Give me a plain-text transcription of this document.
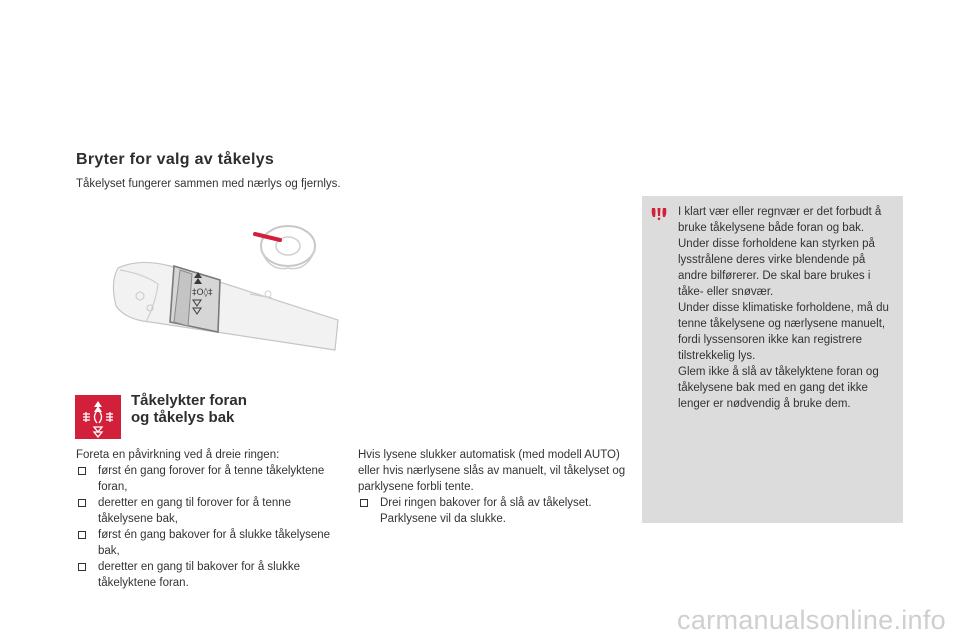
Bryter for valg av tåkelys
Tåkelyset fungerer sammen med nærlys og fjernlys.
‡O◊‡
Tåkelykter foran
og tåkelys bak
Foreta en påvirkning ved å dreie ringen:
først én gang forover for å tenne tåkelyktene foran,
deretter en gang til forover for å tenne tåkelysene bak,
først én gang bakover for å slukke tåkelysene bak,
deretter en gang til bakover for å slukke tåkelyktene foran.
Hvis lysene slukker automatisk (med modell AUTO) eller hvis nærlysene slås av manuelt, vil tåkelyset og parklysene forbli tente.
Drei ringen bakover for å slå av tåkelyset. Parklysene vil da slukke.

I klart vær eller regnvær er det forbudt å bruke tåkelysene både foran og bak. Under disse forholdene kan styrken på lysstrålene deres virke blendende på andre bilførerer. De skal bare brukes i tåke- eller snøvær.

Under disse klimatiske forholdene, må du tenne tåkelysene og nærlysene manuelt, fordi lyssensoren ikke kan registrere tilstrekkelig lys.

Glem ikke å slå av tåkelyktene foran og tåkelysene bak med en gang det ikke lenger er nødvendig å bruke dem.

carmanualsonline.info
